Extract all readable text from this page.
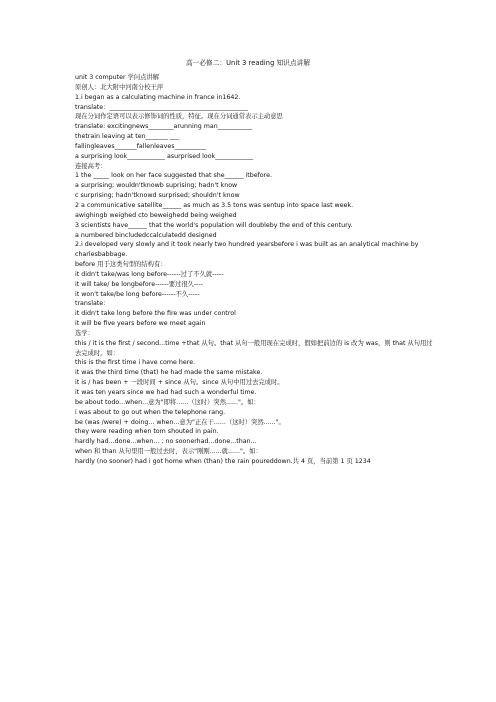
高一必修二：Unit 3 reading 知识点讲解
unit 3 computer 学问点讲解
原创人：北大附中河南分校王萍
1.i began as a calculating machine in france in1642.
translate：____________________________________________
现在分词作定语可以表示修饰词的性质，特征。现在分词通常表示主动意思
translate: excitingnews________arunning man___________
thetrain leaving at ten_______ ___
fallingleaves_______fallenleaves__________
a surprising look____________ asurprised look____________
连接高考：
1 the _____ look on her face suggested that she______ itbefore.
a surprising; wouldn'tknowb suprising; hadn't know
c surprising; hadn'tknowd surprised; shouldn't know
2 a communicative satellite______ as much as 3.5 tons was sentup into space last week.
awighingb weighed cto beweighedd being weighed
3 scientists have______ that the world's population will doubleby the end of this century.
a numbered bincludedccalculatedd designed
2.i developed very slowly and it took nearly two hundred yearsbefore i was built as an analytical machine by charlesbabbage.
before 用于这类句型的结构有：
it didn't take/was long before------过了不久就-----
it will take/ be longbefore------要过很久----
it won't take/be long before------不久-----
translate：
it didn't take long before the fire was under control
it will be five years before we meet again
选学：
this / it is the first / second...time +that 从句。that 从句一般用现在完成时，假如把前边的 is 改为 was，则 that 从句用过去完成时。如：
this is the first time i have come here.
it was the third time (that) he had made the same mistake.
it is / has been + 一段时间 + since 从句。since 从句中用过去完成时。
it was ten years since we had had such a wonderful time.
be about todo...when...意为"即将......（这时）突然......"。如：
i was about to go out when the telephone rang.
be (was /were) + doing... when...意为"正在干......（这时）突然......"。
they were reading when tom shouted in pain.
hardly had...done...when... ; no soonerhad...done...than...
when 和 than 从句里用一般过去时，表示"刚刚......就......"。如：
hardly (no sooner) had i got home when (than) the rain poureddown.共 4 页，当前第 1 页 1234
